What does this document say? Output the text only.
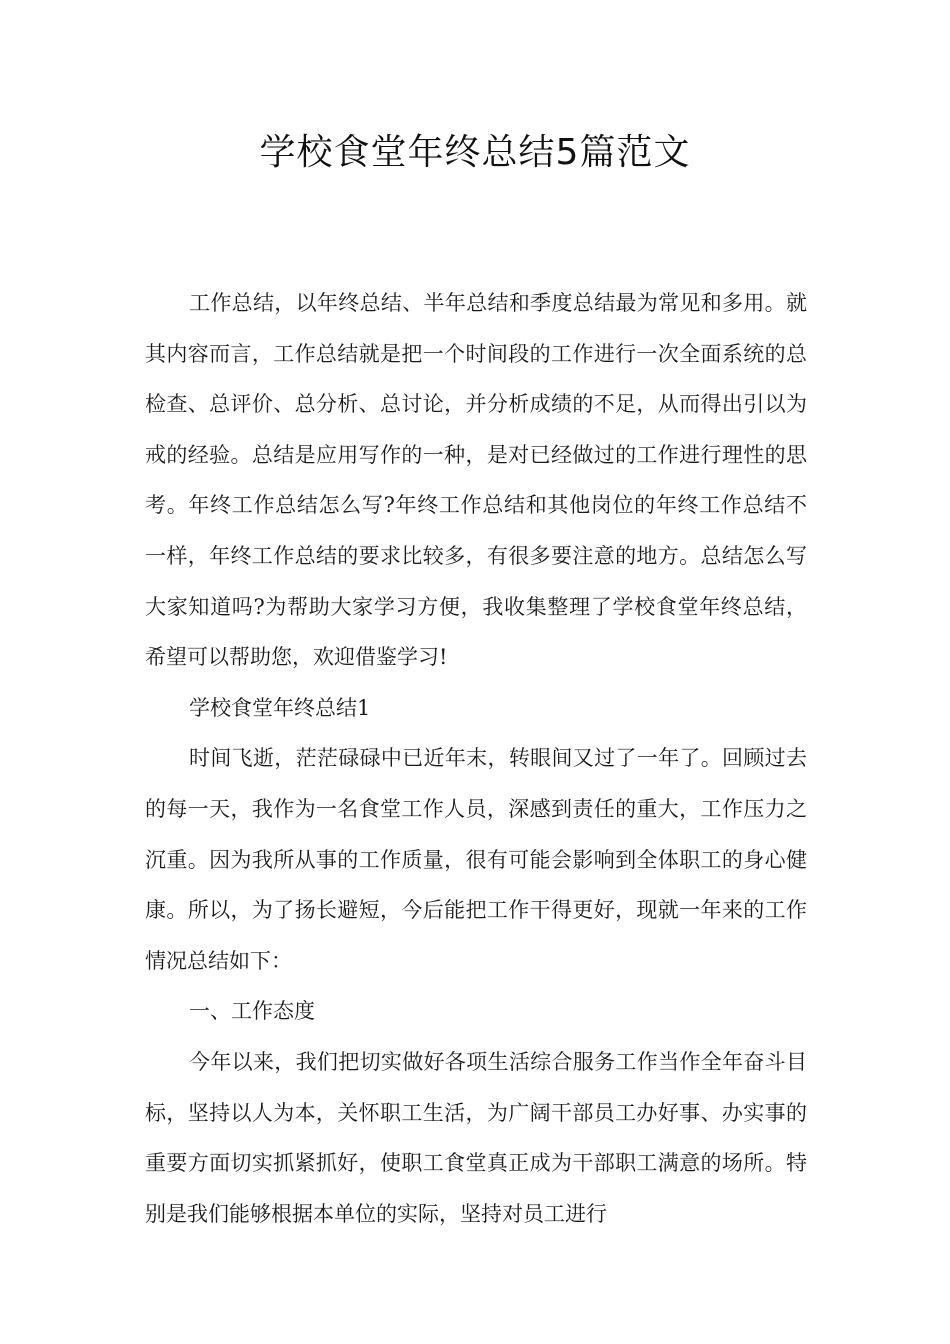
学校食堂年终总结5篇范文

工作总结，以年终总结、半年总结和季度总结最为常见和多用。就其内容而言，工作总结就是把一个时间段的工作进行一次全面系统的总检查、总评价、总分析、总讨论，并分析成绩的不足，从而得出引以为戒的经验。总结是应用写作的一种，是对已经做过的工作进行理性的思考。年终工作总结怎么写?年终工作总结和其他岗位的年终工作总结不一样，年终工作总结的要求比较多，有很多要注意的地方。总结怎么写大家知道吗?为帮助大家学习方便，我收集整理了学校食堂年终总结，希望可以帮助您，欢迎借鉴学习!

学校食堂年终总结1

时间飞逝，茫茫碌碌中已近年末，转眼间又过了一年了。回顾过去的每一天，我作为一名食堂工作人员，深感到责任的重大，工作压力之沉重。因为我所从事的工作质量，很有可能会影响到全体职工的身心健康。所以，为了扬长避短，今后能把工作干得更好，现就一年来的工作情况总结如下：

一、工作态度

今年以来，我们把切实做好各项生活综合服务工作当作全年奋斗目标，坚持以人为本，关怀职工生活，为广阔干部员工办好事、办实事的重要方面切实抓紧抓好，使职工食堂真正成为干部职工满意的场所。特别是我们能够根据本单位的实际，坚持对员工进行
